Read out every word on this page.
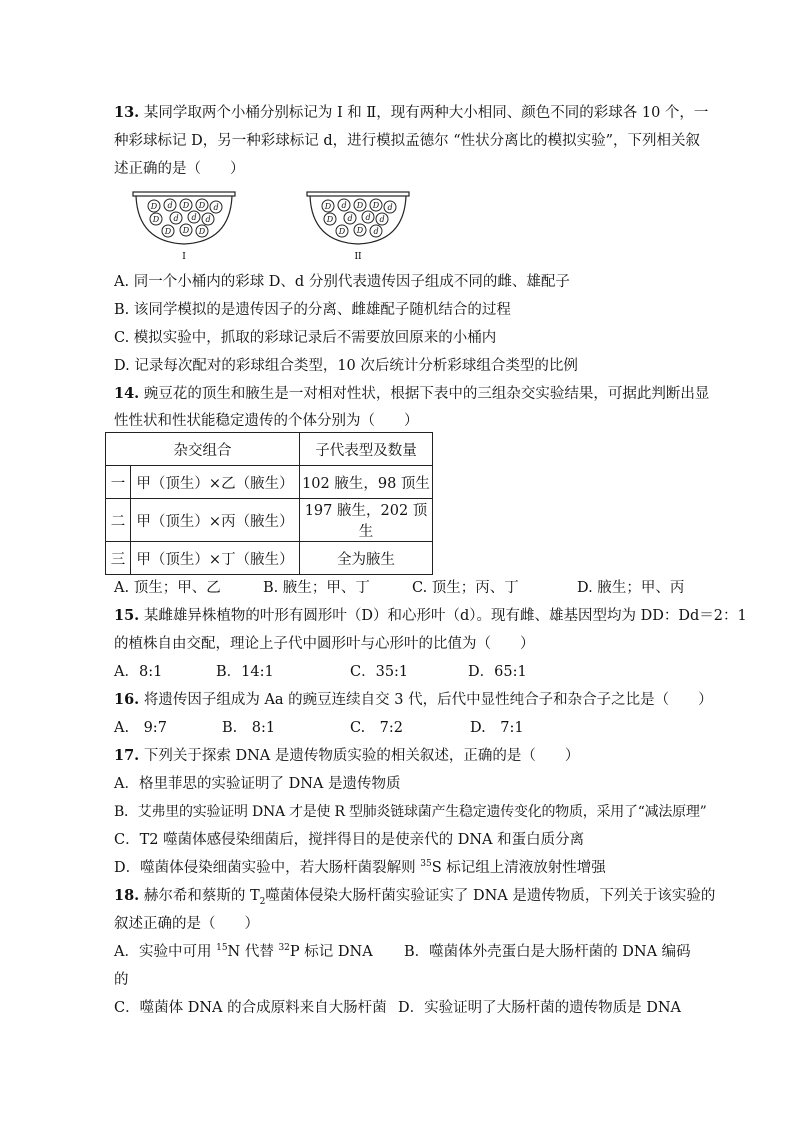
13. 某同学取两个小桶分别标记为 I 和 Ⅱ，现有两种大小相同、颜色不同的彩球各 10 个，一
种彩球标记 D，另一种彩球标记 d，进行模拟孟德尔 “性状分离比的模拟实验”，下列相关叙
述正确的是（　　）
D d D D d
D d d d
D D D
I
D d D D d
D d d d
D D d
II
A. 同一个小桶内的彩球 D、d 分别代表遗传因子组成不同的雌、雄配子
B. 该同学模拟的是遗传因子的分离、雌雄配子随机结合的过程
C. 模拟实验中，抓取的彩球记录后不需要放回原来的小桶内
D. 记录每次配对的彩球组合类型，10 次后统计分析彩球组合类型的比例
14. 豌豆花的顶生和腋生是一对相对性状，根据下表中的三组杂交实验结果，可据此判断出显
性性状和性状能稳定遗传的个体分别为（　　）
杂交组合		子代表型及数量
一	甲（顶生）×乙（腋生）	102 腋生，98 顶生
二	甲（顶生）×丙（腋生）	197 腋生，202 顶生
三	甲（顶生）×丁（腋生）	全为腋生
A. 顶生；甲、乙	B. 腋生；甲、丁	C. 顶生；丙、丁	D. 腋生；甲、丙
15. 某雌雄异株植物的叶形有圆形叶（D）和心形叶（d）。现有雌、雄基因型均为 DD：Dd＝2：1
的植株自由交配，理论上子代中圆形叶与心形叶的比值为（　　）
A．8:1	B．14:1	C．35:1	D．65:1
16. 将遗传因子组成为 Aa 的豌豆连续自交 3 代，后代中显性纯合子和杂合子之比是（　　）
A.　9:7	B.　8:1	C.　7:2	D.　7:1
17. 下列关于探索 DNA 是遗传物质实验的相关叙述，正确的是（　　）
A．格里菲思的实验证明了 DNA 是遗传物质
B．艾弗里的实验证明 DNA 才是使 R 型肺炎链球菌产生稳定遗传变化的物质，采用了“减法原理”
C．T2 噬菌体感侵染细菌后，搅拌得目的是使亲代的 DNA 和蛋白质分离
D．噬菌体侵染细菌实验中，若大肠杆菌裂解则 $^{35}$S 标记组上清液放射性增强
18. 赫尔希和蔡斯的 $T_2$噬菌体侵染大肠杆菌实验证实了 DNA 是遗传物质，下列关于该实验的
叙述正确的是（　　）
A．实验中可用 $^{15}$N 代替 $^{32}$P 标记 DNA B．噬菌体外壳蛋白是大肠杆菌的 DNA 编码
的
C．噬菌体 DNA 的合成原料来自大肠杆菌 D．实验证明了大肠杆菌的遗传物质是 DNA
